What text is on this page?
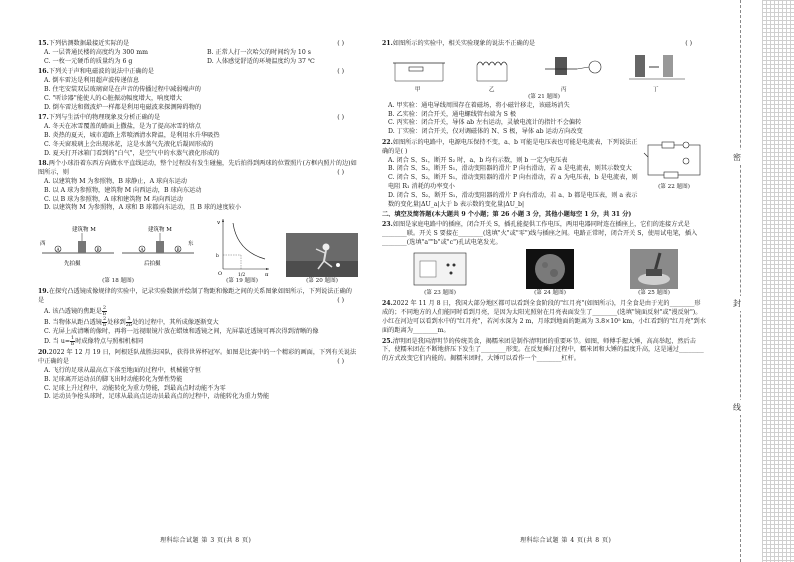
15.下列估测数据最接近实际的是	( )
A. 一层普通民楼的高度约为 300 mm	B. 正常人打一次哈欠的时间约为 10 s
C. 一枚一元硬币的质量约为 6 g	D. 人体感觉舒适的环境温度约为 37 ℃
16.下列关于声和电磁波的说法中正确的是	( )
A. 倒车雷达是利用超声波传递信息
B. 住宅安装双层玻璃窗是在声音的传播过程中减弱噪声的
C. "听诊器"能使人的心脏振动幅度增大，响度增大
D. 倒车雷达和微波炉一样都是利用电磁波来探测障碍物的
17.下列与生活中的物理现象及分析正确的是	( )
A. 冬天在冰雪覆盖的路面上撒盐，是为了提高冰雪的熔点
B. 炎热的夏天，城市道路上常喷洒清水降温，是利用水升华吸热
C. 冬天窗玻璃上会出现冰花，这是水蒸气先液化后凝固形成的
D. 夏天打开冰箱门看到的"白气"，是空气中的水蒸气液化形成的
18.两个小球沿着东西方向做水平直线运动，整个过程没有发生碰撞，先后拍得到两球的位置照片(方框内照片的边)如图所示，则	( )
A. 以建筑物 M 为参照物，B 球静止，A 球向东运动
B. 以 A 球为参照物，建筑物 M 向西运动，B 球向东运动
C. 以 B 球为参照物，A 球和建筑物 M 均向西运动
D. 以建筑物 M 为参照物，A 球和 B 球都向东运动，且 B 球的速度较小
建筑物 M	建筑物 M
A	B	A	B
西	东
先拍摄	后拍摄
(第 18 题图)
v
u
O	1/2
b
(第 19 题图)	(第 20 题图)
19.在探究凸透镜成像规律的实验中，记录实验数据并绘制了物距和像距之间的关系图象如图所示，下列说法正确的是	( )
A. 该凸透镜的焦距是 $\frac{2}{b}$
B. 当物体从距凸透镜 $\frac{2}{b}$ 处移到 $\frac{3}{2b}$ 处的过程中，其所成像逐渐变大
C. 光屏上成清晰的像时，再将一远视眼镜片放在蜡烛和透镜之间，光屏靠近透镜可再次得到清晰的像
D. 当 $u= \frac{1}{b}$ 时成像特点与照相机相同
20.2022 年 12 月 19 日，阿根廷队战胜法国队，获得世界杯冠军。如图是比赛中的一个精彩的画面，下列有关说法中正确的是	( )
A. 飞行的足球从最高点下落至地面的过程中，机械能守恒
B. 足球离开运动员的脚飞出时动能转化为弹性势能
C. 足球上升过程中，动能转化为重力势能，到最高点时动能不为零
D. 运动员争抢头球时，足球从最高点运动员最高点的过程中，动能转化为重力势能
理科综合试题 第 3 页(共 8 页)
21.如图所示的实验中，相关实验现象的说法不正确的是	( )
甲	乙	丙	丁
(第 21 题图)
A. 甲实验：通电导线周围存在着磁场，将小磁针移走，该磁场消失
B. 乙实验：闭合开关，通电螺线管右端为 S 极
C. 丙实验：闭合开关，导体 ab 左右运动，灵敏电流计的指针不会偏转
D. 丁实验：闭合开关，仅对调磁体的 N、S 极，导体 ab 运动方向改变
(第 22 题图)
22.如图所示的电路中，电源电压保持不变，a、b 可能是电压表也可能是电流表，下列说法正确的是( )
A. 闭合 S、S₁，断开 S₂ 时，a、b 均有示数，则 b 一定为电压表
B. 闭合 S、S₂，断开 S₁，滑动变阻器的滑片 P 向右滑动，若 a 是电流表，则其示数变大
C. 闭合 S、S₂，断开 S₁，滑动变阻器的滑片 P 向右滑动，若 a 为电压表，b 是电流表，则电阻 R₁ 消耗的功率变小
D. 闭合 S、S₂，断开 S₁，滑动变阻器的滑片 P 向右滑动，若 a、b 都是电压表，则 a 表示数的变化量|ΔU_a|大于 b 表示数的变化量|ΔU_b|
二、填空及简答题(本大题共 9 个小题；第 26 小题 3 分，其他小题每空 1 分，共 31 分)
23.如图是家庭电路中的插座，闭合开关 S，插孔能提供工作电压，两用电器同时连在插座上，它们的连接方式是________联。开关 S 要接在________(选填"火"或"零")线与插座之间。电路正常时，闭合开关 S，使用试电笔，插入________(选填"a""b"或"c")孔试电笔发光。
(第 23 题图)	(第 24 题图)	(第 25 题图)
24.2022 年 11 月 8 日，我国大部分地区都可以看到全食阶段的"红月亮"(如图所示)，月全食是由于光的________形成的；不同地方的人们能同时看到月亮，是因为太阳光照射在月亮表面发生了________(选填"镜面反射"或"漫反射")。小红在河边可以看到水中的"红月亮"，若河水深为 2 m，月球到地面的距离为 3.8×10⁵ km，小红看到的"红月亮"到水面的距离为________m。
25.清明团是我国清明节的传统美食，揭糯米团是制作清明团的重要环节。如图，师傅手握大锤，高高举起，然后击下，使糯米团在不断地挤压下发生了________形变。在反复捶打过程中，糯米团和大锤的温度升高，这是通过________的方式改变它们内能的。揭糯米团时，大锤可以看作一个________杠杆。
理科综合试题 第 4 页(共 8 页)
密
封
线
